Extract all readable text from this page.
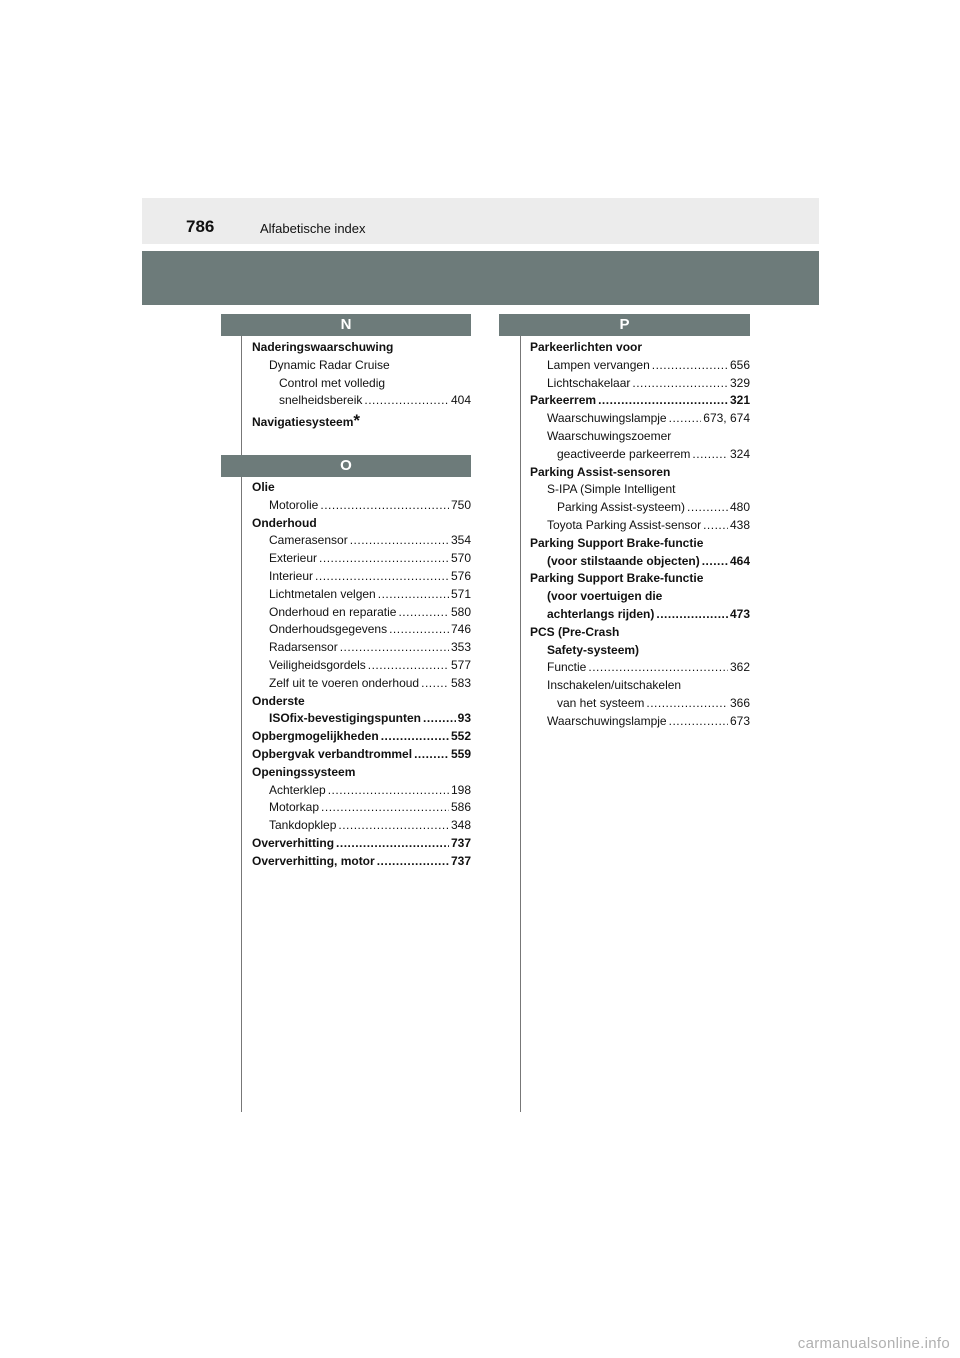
786	Alfabetische index
N
Naderingswaarschuwing
Dynamic Radar Cruise
Control met volledig
snelheidsbereik .....	404
Navigatiesysteem *
O
Olie
Motorolie .....	750
Onderhoud
Camerasensor .....	354
Exterieur .....	570
Interieur .....	576
Lichtmetalen velgen .....	571
Onderhoud en reparatie .....	580
Onderhoudsgegevens .....	746
Radarsensor .....	353
Veiligheidsgordels .....	577
Zelf uit te voeren onderhoud .....	583
Onderste
ISOfix-bevestigingspunten .....	93
Opbergmogelijkheden .....	552
Opbergvak verbandtrommel .....	559
Openingssysteem
Achterklep .....	198
Motorkap .....	586
Tankdopklep .....	348
Oververhitting .....	737
Oververhitting, motor .....	737
P
Parkeerlichten voor
Lampen vervangen .....	656
Lichtschakelaar .....	329
Parkeerrem .....	321
Waarschuwingslampje .....	673, 674
Waarschuwingszoemer
geactiveerde parkeerrem .....	324
Parking Assist-sensoren
S-IPA (Simple Intelligent
Parking Assist-systeem) .....	480
Toyota Parking Assist-sensor ..... 438
Parking Support Brake-functie
(voor stilstaande objecten) .....	464
Parking Support Brake-functie
(voor voertuigen die
achterlangs rijden) .....	473
PCS (Pre-Crash
Safety-systeem)
Functie .....	362
Inschakelen/uitschakelen
van het systeem .....	366
Waarschuwingslampje .....	673
carmanualsonline.info
